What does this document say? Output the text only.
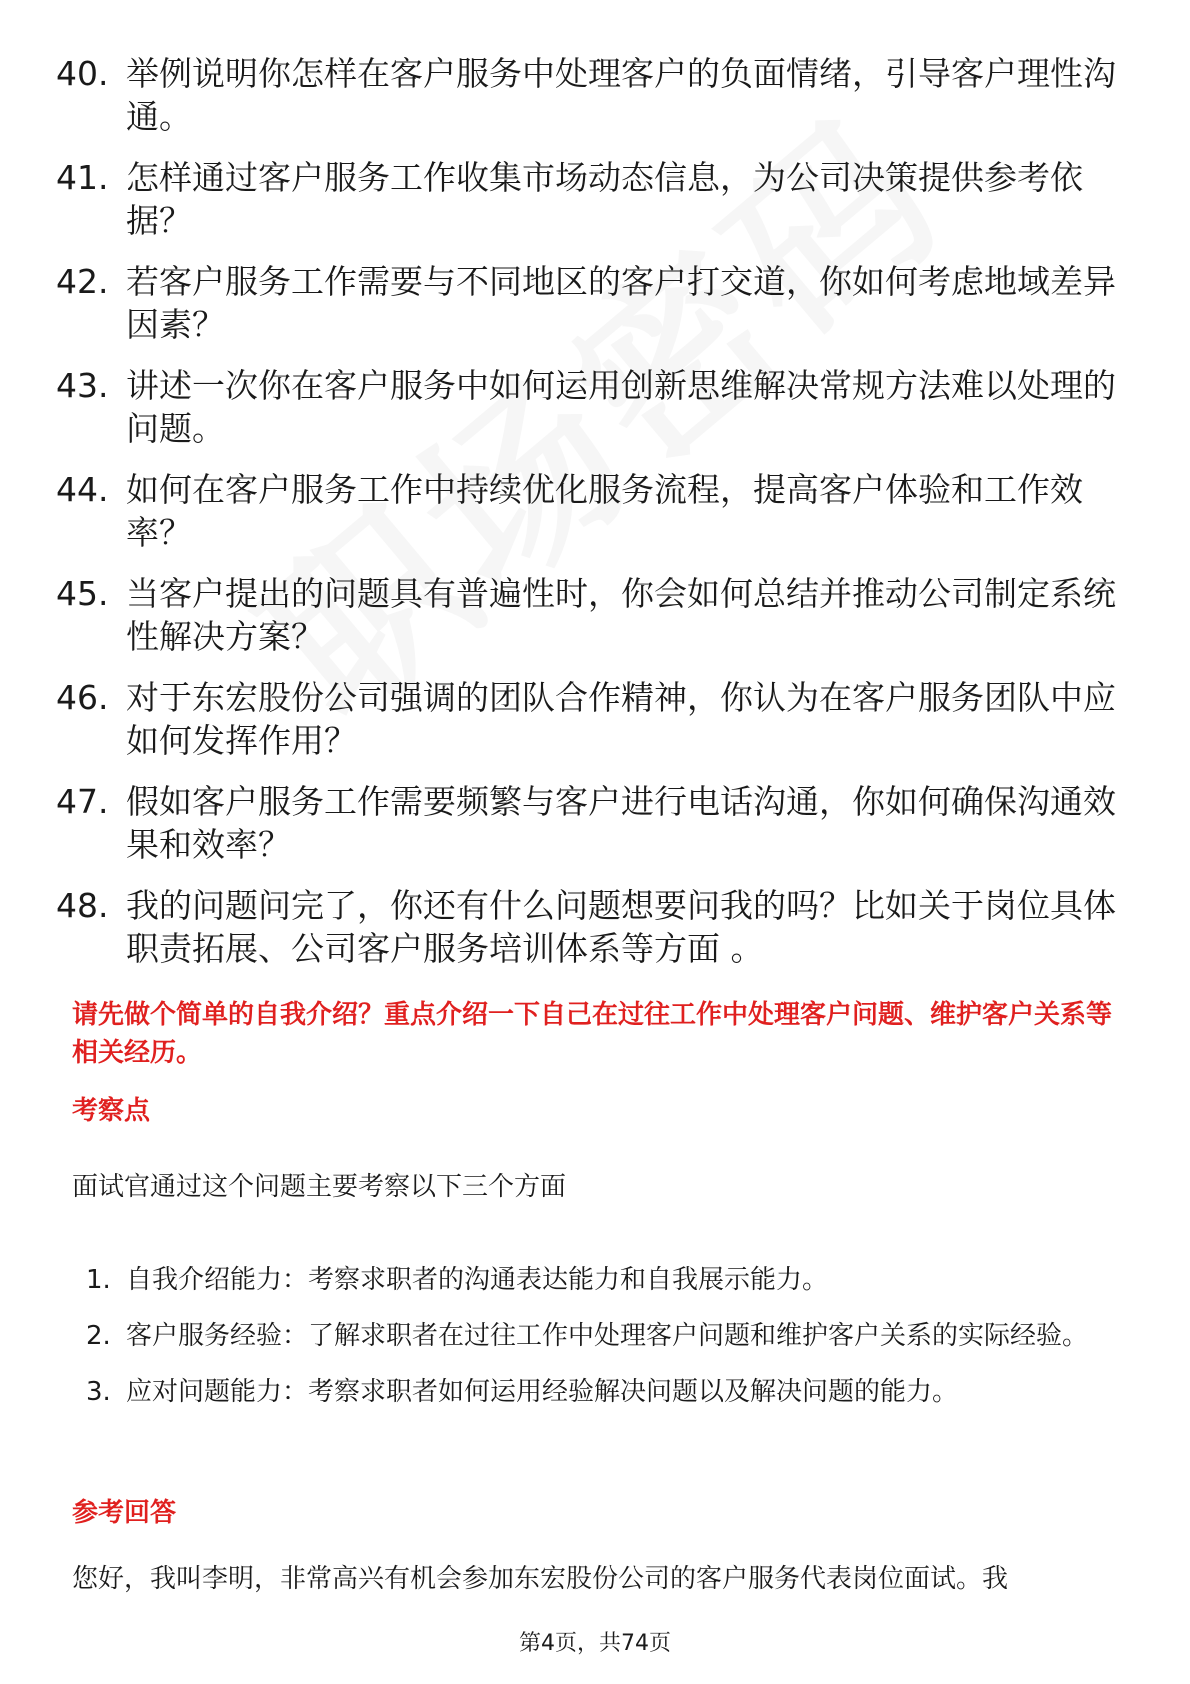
40. 举例说明你怎样在客户服务中处理客户的负面情绪，引导客户理性沟通。
41. 怎样通过客户服务工作收集市场动态信息，为公司决策提供参考依据？
42. 若客户服务工作需要与不同地区的客户打交道，你如何考虑地域差异因素？
43. 讲述一次你在客户服务中如何运用创新思维解决常规方法难以处理的问题。
44. 如何在客户服务工作中持续优化服务流程，提高客户体验和工作效率？
45. 当客户提出的问题具有普遍性时，你会如何总结并推动公司制定系统性解决方案？
46. 对于东宏股份公司强调的团队合作精神，你认为在客户服务团队中应如何发挥作用？
47. 假如客户服务工作需要频繁与客户进行电话沟通，你如何确保沟通效果和效率？
48. 我的问题问完了，你还有什么问题想要问我的吗？比如关于岗位具体职责拓展、公司客户服务培训体系等方面 。
请先做个简单的自我介绍？重点介绍一下自己在过往工作中处理客户问题、维护客户关系等相关经历。
考察点
面试官通过这个问题主要考察以下三个方面
1. 自我介绍能力：考察求职者的沟通表达能力和自我展示能力。
2. 客户服务经验：了解求职者在过往工作中处理客户问题和维护客户关系的实际经验。
3. 应对问题能力：考察求职者如何运用经验解决问题以及解决问题的能力。
参考回答
您好，我叫李明，非常高兴有机会参加东宏股份公司的客户服务代表岗位面试。我
第4页，共74页
